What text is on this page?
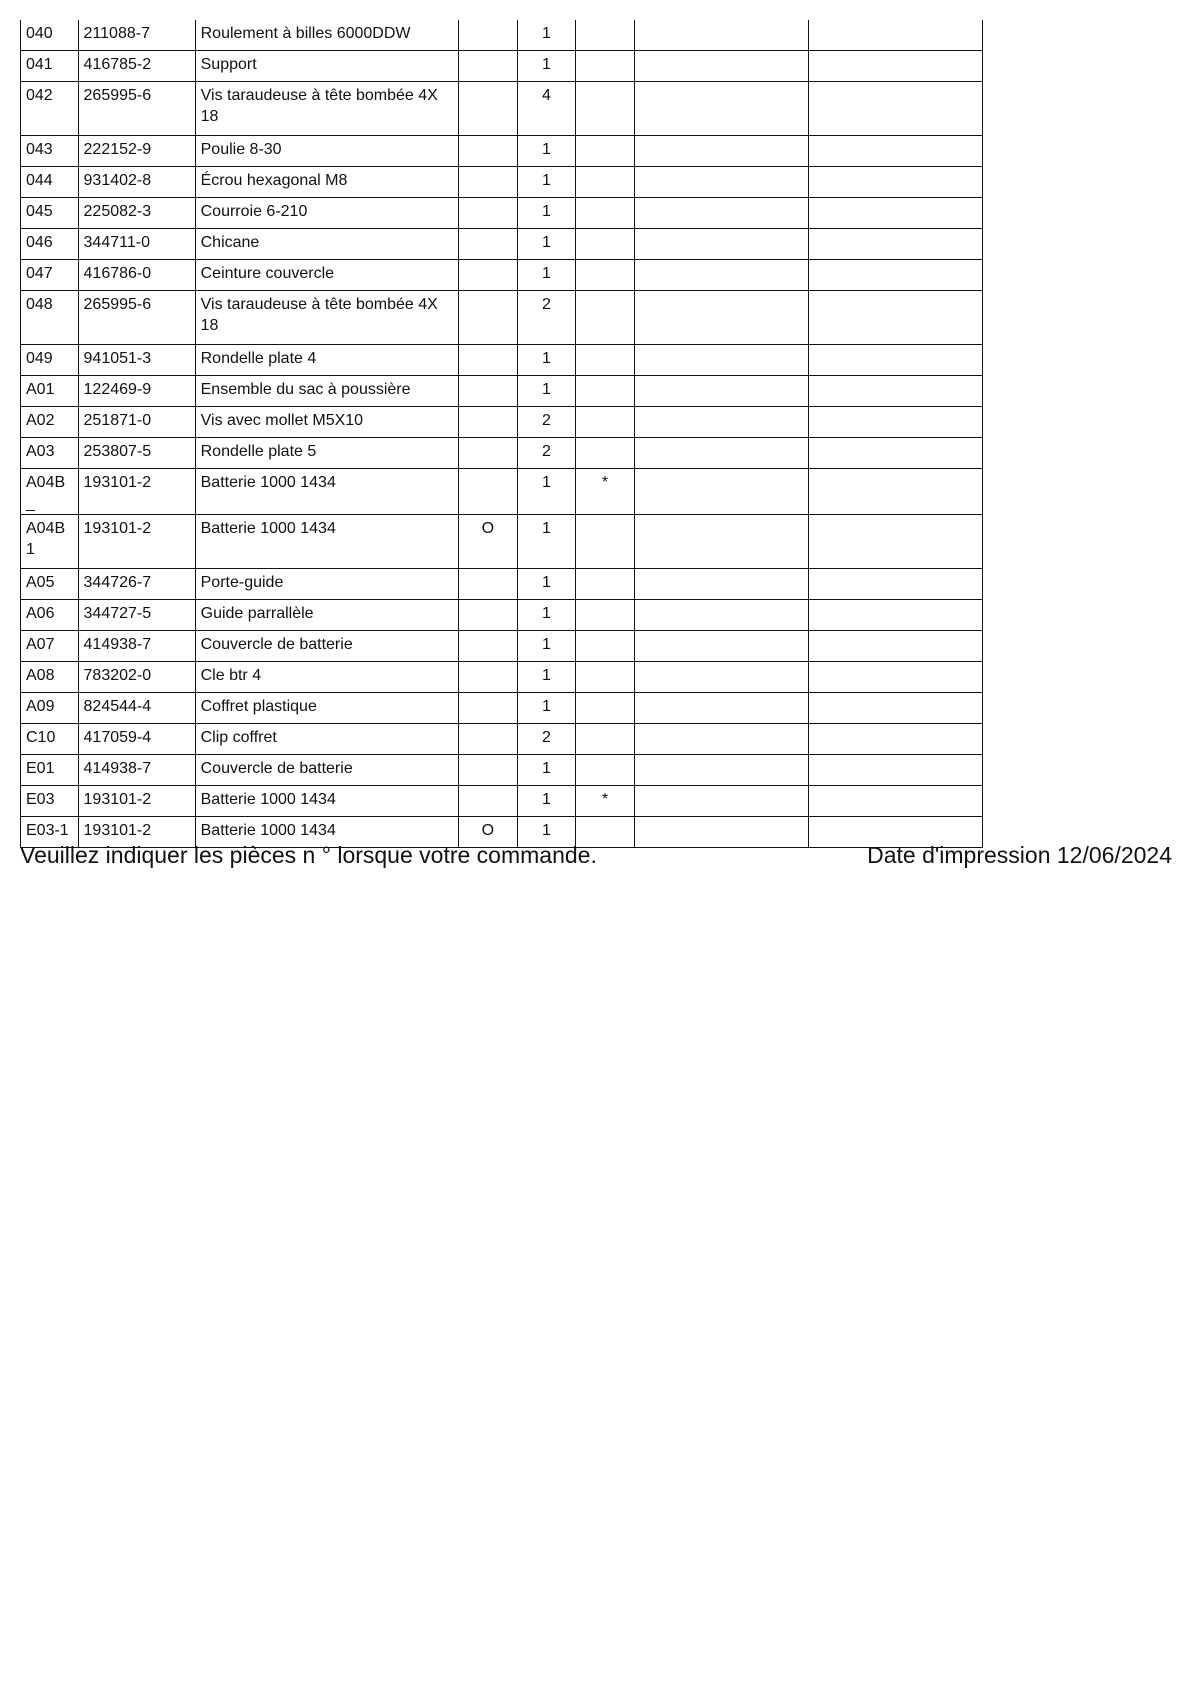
040	211088-7	Roulement à billes 6000DDW		1			
041	416785-2	Support		1			
042	265995-6	Vis taraudeuse à tête bombée 4X 18		4			
043	222152-9	Poulie 8-30		1			
044	931402-8	Écrou hexagonal M8		1			
045	225082-3	Courroie 6-210		1			
046	344711-0	Chicane		1			
047	416786-0	Ceinture couvercle		1			
048	265995-6	Vis taraudeuse à tête bombée 4X 18		2			
049	941051-3	Rondelle plate 4		1			
A01	122469-9	Ensemble du sac à poussière		1			
A02	251871-0	Vis avec mollet M5X10		2			
A03	253807-5	Rondelle plate 5		2			
A04B_	193101-2	Batterie 1000 1434		1	*		
A04B 1	193101-2	Batterie 1000 1434	O	1			
A05	344726-7	Porte-guide		1			
A06	344727-5	Guide parrallèle		1			
A07	414938-7	Couvercle de batterie		1			
A08	783202-0	Cle btr 4		1			
A09	824544-4	Coffret plastique		1			
C10	417059-4	Clip coffret		2			
E01	414938-7	Couvercle de batterie		1			
E03	193101-2	Batterie 1000 1434		1	*		
E03-1	193101-2	Batterie 1000 1434	O	1			
Veuillez indiquer les pièces n ° lorsque votre commande.	Date d'impression 12/06/2024
